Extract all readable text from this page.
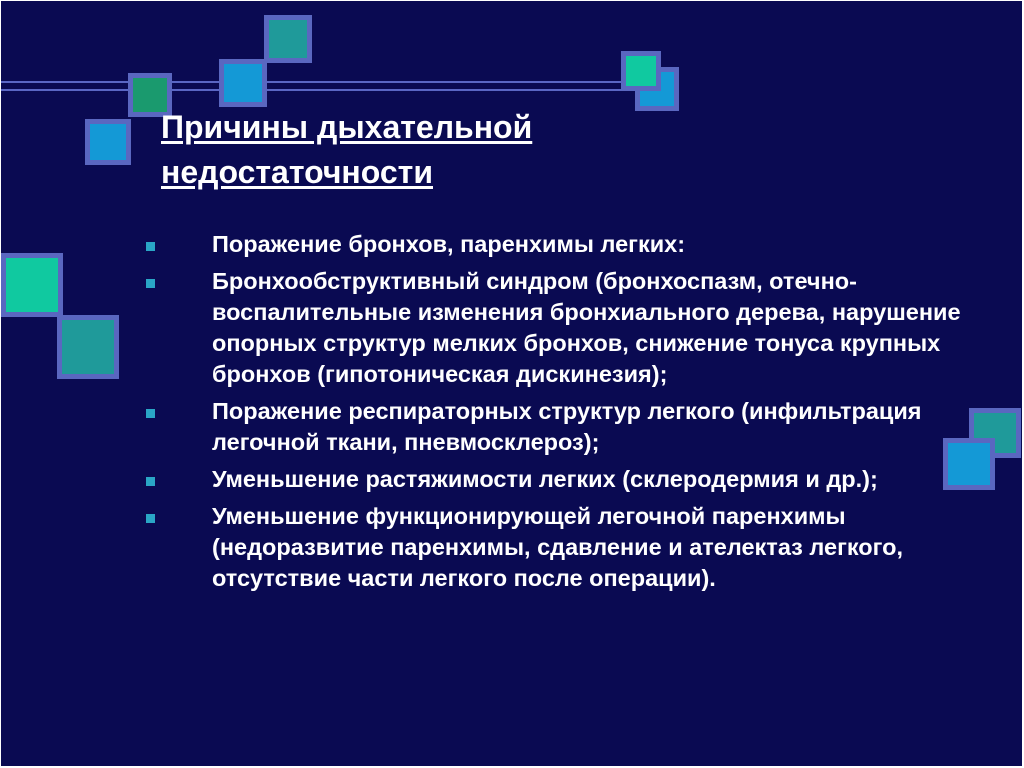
Причины дыхательной недостаточности
Поражение бронхов, паренхимы легких:
Бронхообструктивный синдром (бронхоспазм, отечно-воспалительные изменения бронхиального дерева, нарушение опорных структур мелких бронхов, снижение тонуса крупных бронхов (гипотоническая дискинезия);
Поражение респираторных структур легкого (инфильтрация легочной ткани, пневмосклероз);
Уменьшение растяжимости легких (склеродермия и др.);
Уменьшение функционирующей легочной паренхимы (недоразвитие паренхимы, сдавление и ателектаз легкого, отсутствие части легкого после операции).
